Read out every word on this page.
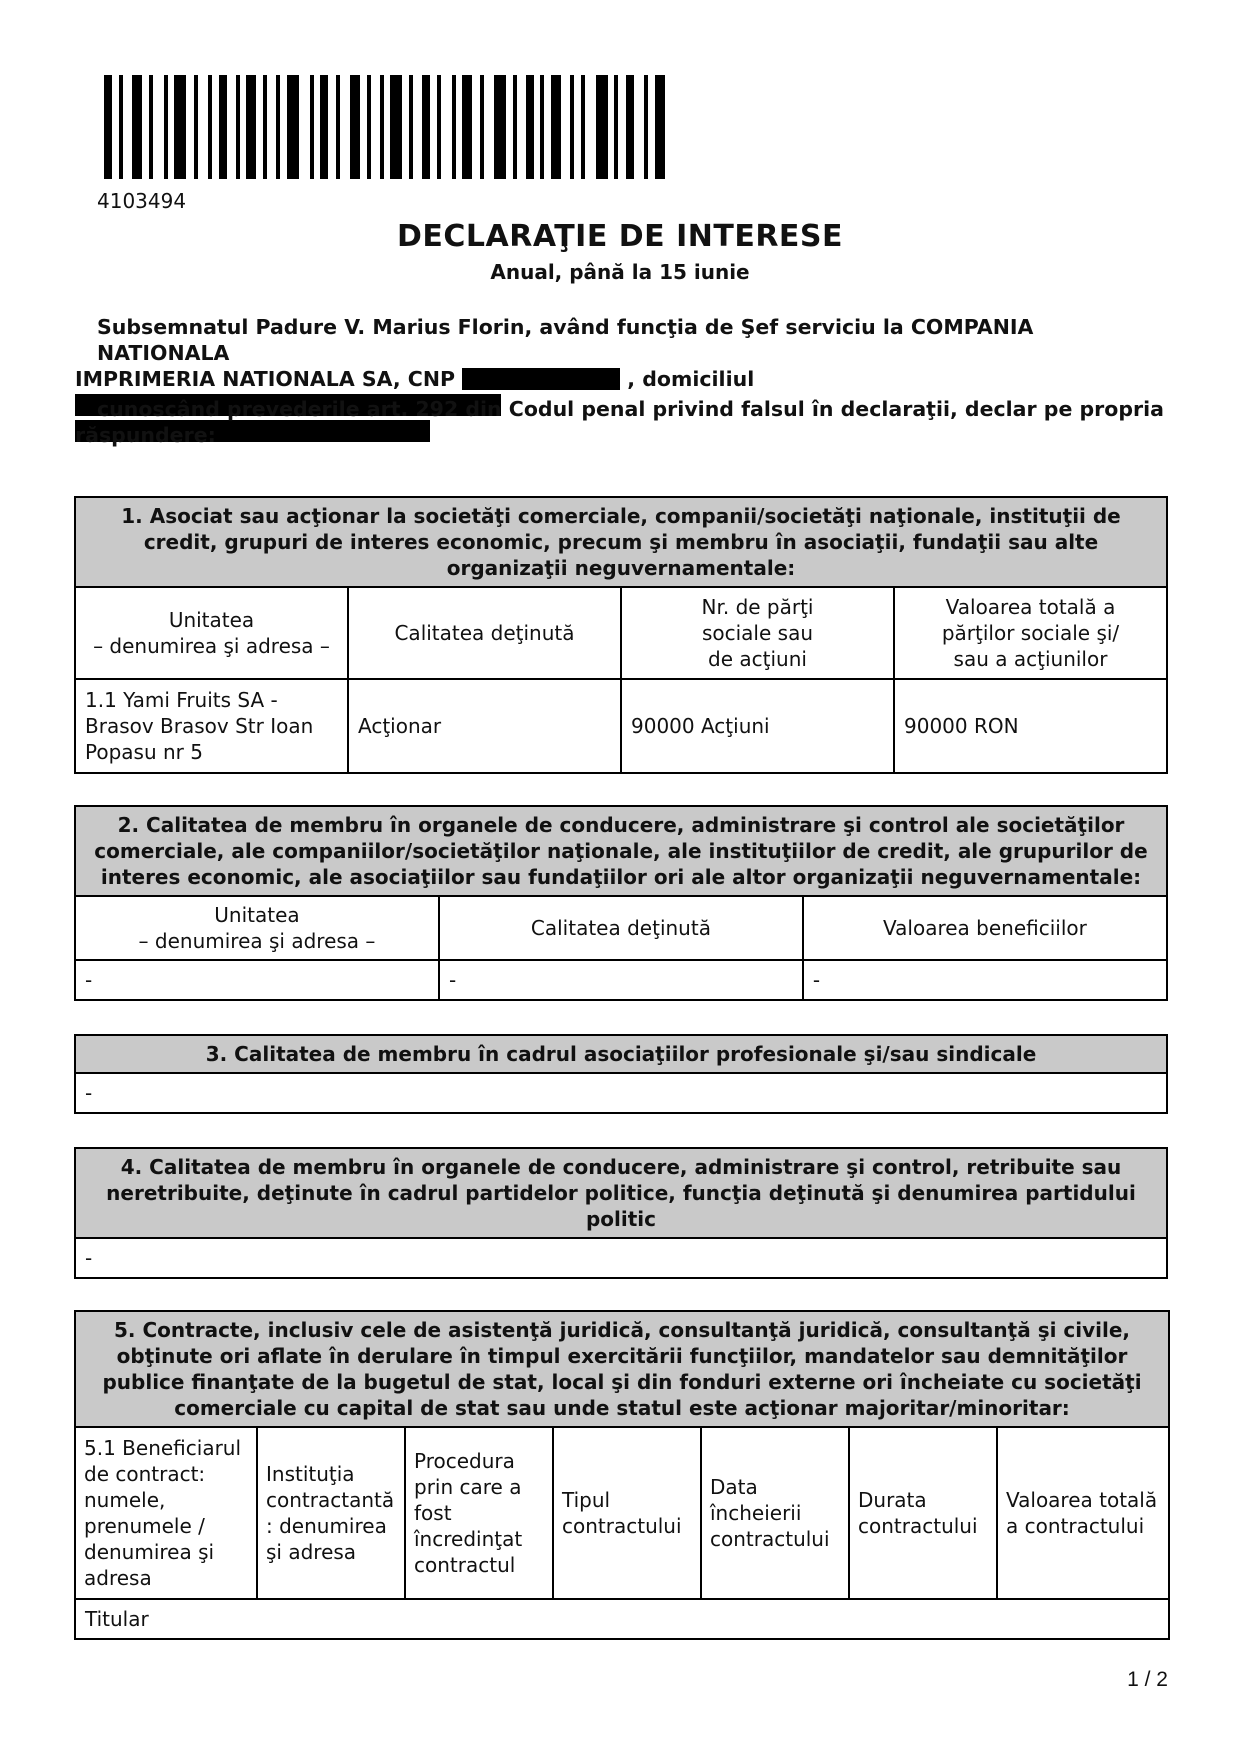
4103494
DECLARAŢIE DE INTERESE
Anual, până la 15 iunie

Subsemnatul Padure V. Marius Florin, având funcţia de Şef serviciu la COMPANIA NATIONALA

IMPRIMERIA NATIONALA SA, CNP	, domiciliul

cunoscând prevederile art. 292 din Codul penal privind falsul în declaraţii, declar pe propria

răspundere:

1. Asociat sau acţionar la societăţi comerciale, companii/societăţi naţionale, instituţii de credit, grupuri de interes economic, precum şi membru în asociaţii, fundaţii sau alte organizaţii neguvernamentale:			
Unitatea
– denumirea şi adresa –	Calitatea deţinută	Nr. de părţi
sociale sau
de acţiuni	Valoarea totală a
părţilor sociale şi/
sau a acţiunilor
1.1 Yami Fruits SA -
Brasov Brasov Str Ioan
Popasu nr 5	Acţionar	90000 Acţiuni	90000 RON
2. Calitatea de membru în organele de conducere, administrare şi control ale societăţilor comerciale, ale companiilor/societăţilor naţionale, ale instituţiilor de credit, ale grupurilor de interes economic, ale asociaţiilor sau fundaţiilor ori ale altor organizaţii neguvernamentale:		
Unitatea
– denumirea şi adresa –	Calitatea deţinută	Valoarea beneficiilor
-	-	-
3. Calitatea de membru în cadrul asociaţiilor profesionale şi/sau sindicale
-
4. Calitatea de membru în organele de conducere, administrare şi control, retribuite sau neretribuite, deţinute în cadrul partidelor politice, funcţia deţinută şi denumirea partidului politic
-
5. Contracte, inclusiv cele de asistenţă juridică, consultanţă juridică, consultanţă şi civile, obţinute ori aflate în derulare în timpul exercitării funcţiilor, mandatelor sau demnităţilor publice finanţate de la bugetul de stat, local şi din fonduri externe ori încheiate cu societăţi comerciale cu capital de stat sau unde statul este acţionar majoritar/minoritar:
5.1 Beneficiarul de contract: numele, prenumele / denumirea şi adresa	Instituţia contractantă : denumirea şi adresa	Procedura prin care a fost încredinţat contractul	Tipul contractului	Data încheierii contractului	Durata contractului	Valoarea totală a contractului
Titular
1 / 2
